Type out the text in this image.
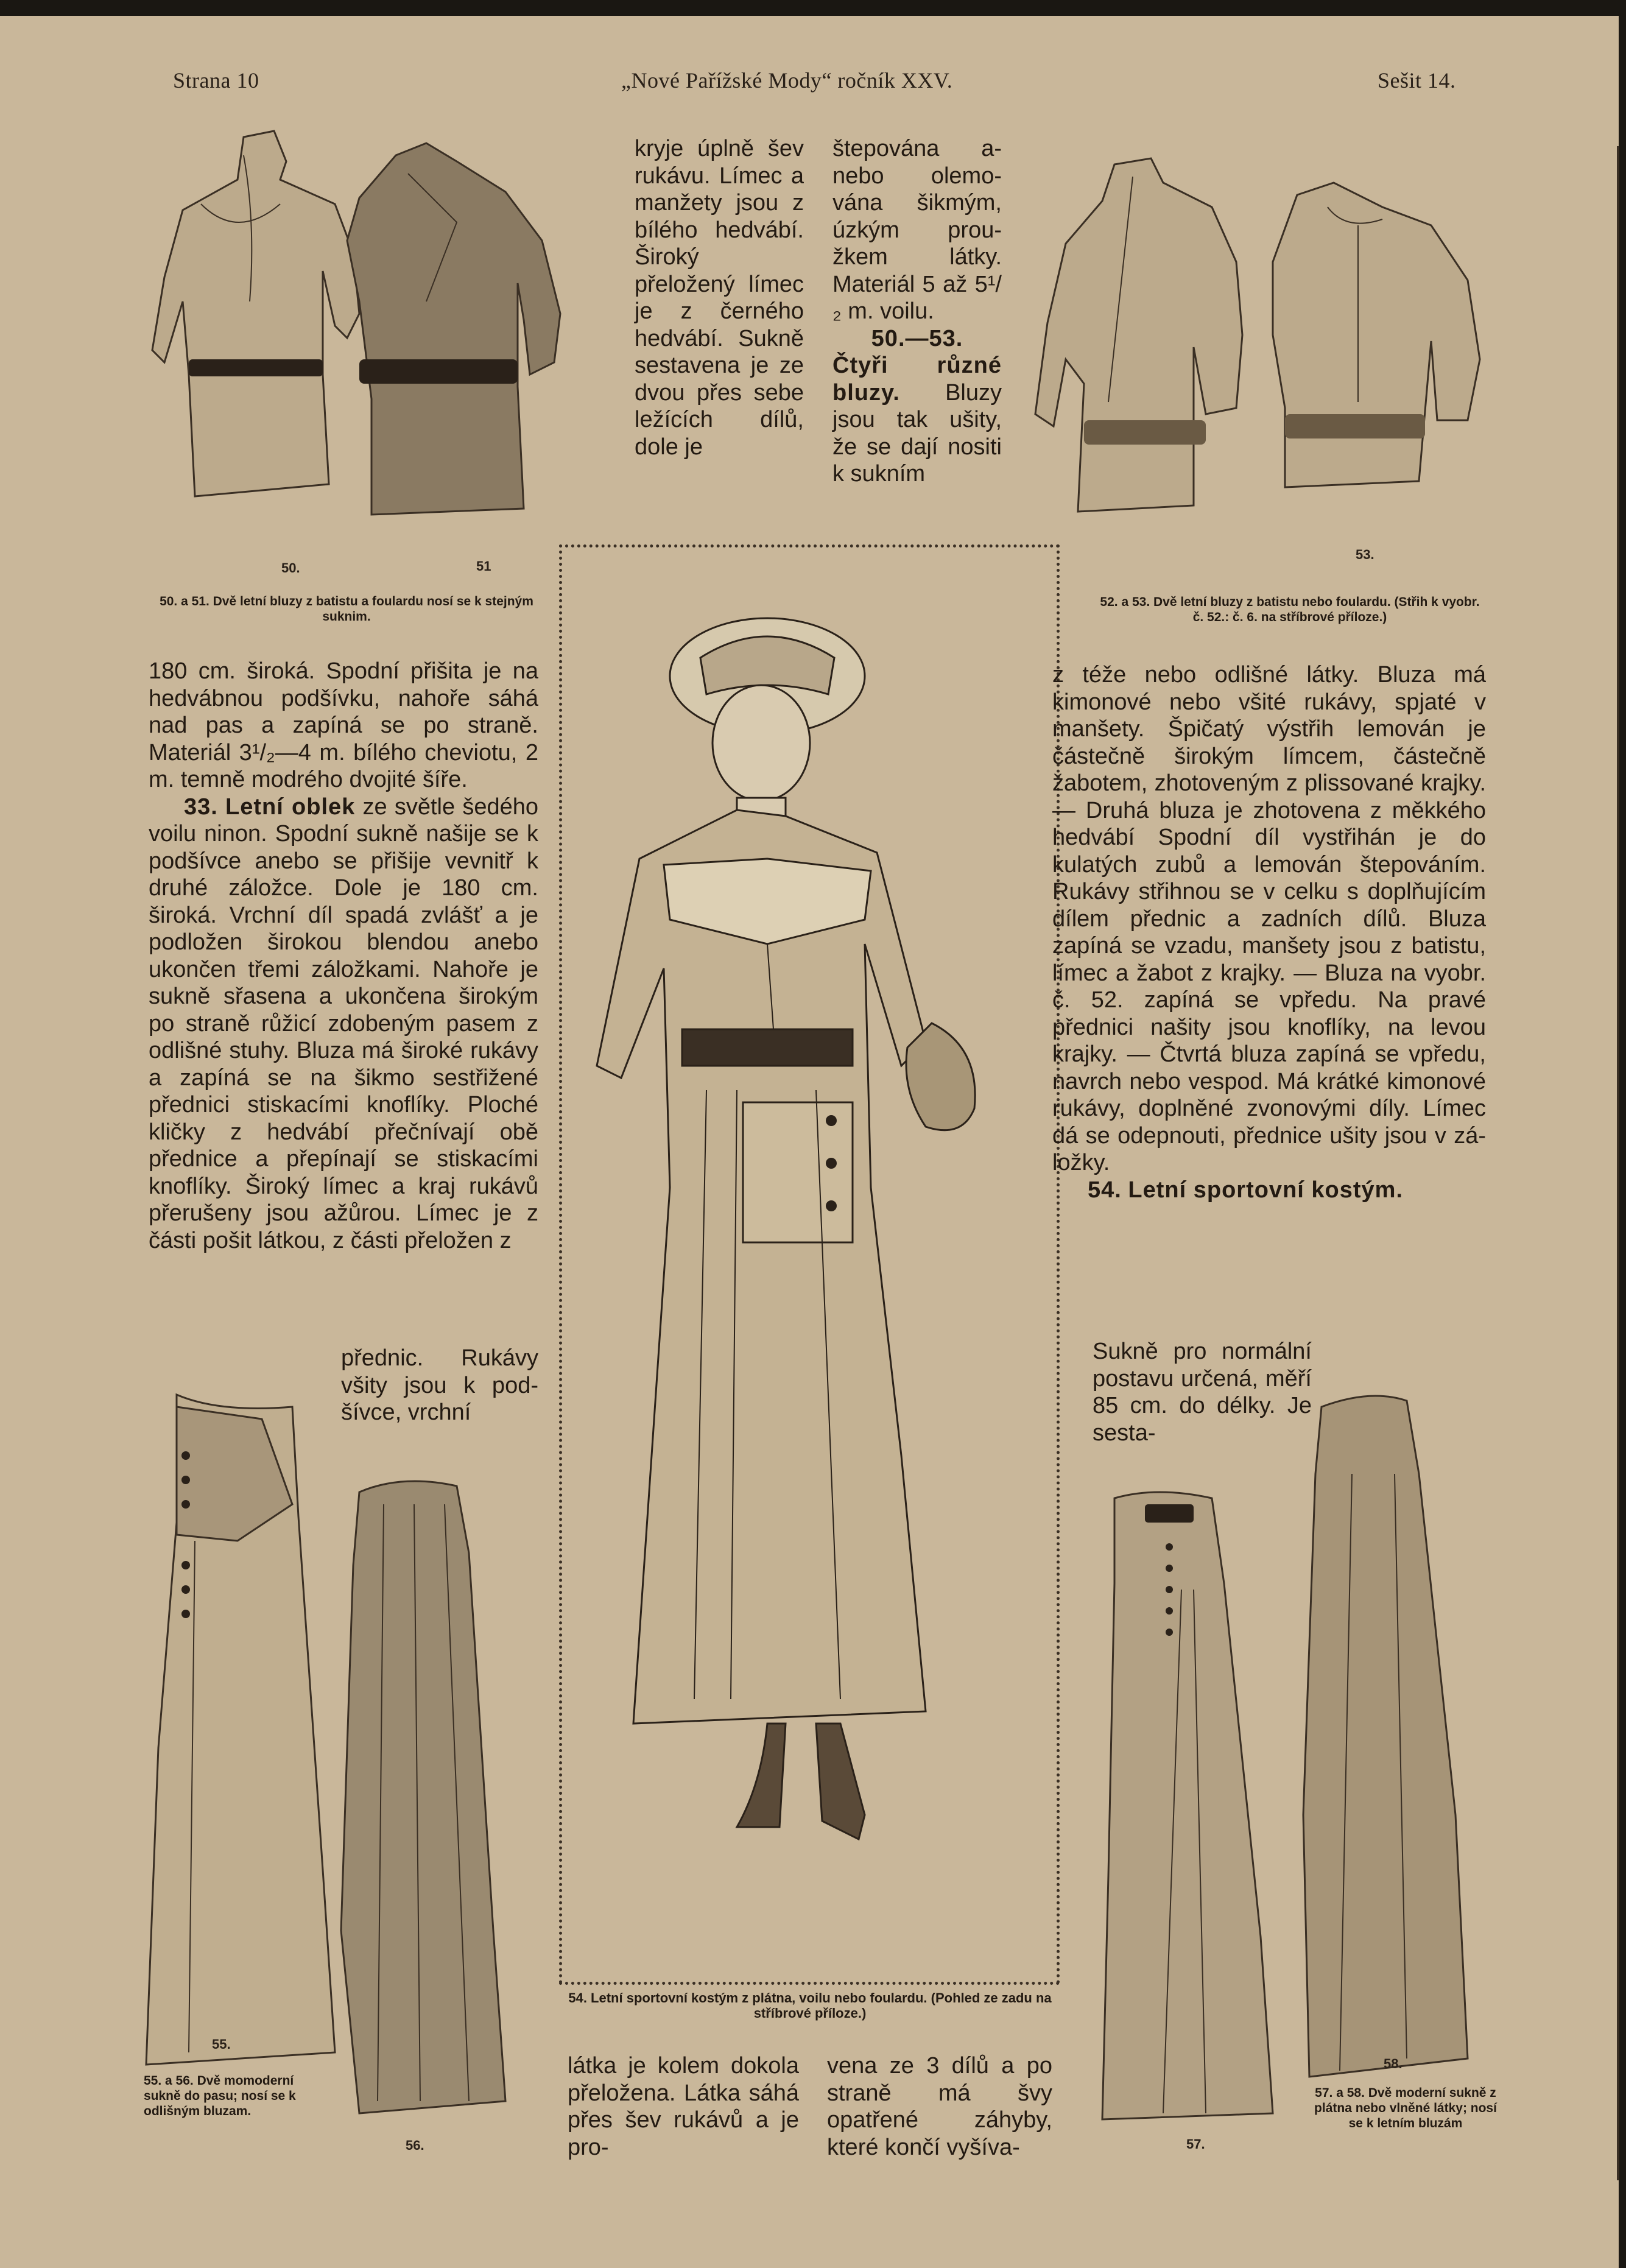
Strana 10	„Nové Pařížské Mody“ ročník XXV.	Sešit 14.
50.	51
50. a 51. Dvě letní bluzy z batistu a foulardu nosí se k stejným suknim.
kryje úplně šev rukávu. Límec a manžety jsou z bílého hedvábí. Široký přeložený límec je z černého hedvábí. Sukně sestavena je ze dvou přes sebe ležících dílů, dole je

štepována anebo olemována šikmým, úzkým proužkem látky. Materiál 5 až 5¹/₂ m. voilu.

50.—53.

Čtyři různé bluzy. Bluzy jsou tak ušity, že se dají nositi k sukním

53.
52. a 53. Dvě letní bluzy z batistu nebo foulardu. (Střih k vyobr. č. 52.: č. 6. na stříbrové příloze.)
54. Letní sportovní kostým z plátna, voilu nebo foulardu. (Pohled ze zadu na stříbrové příloze.)

180 cm. široká. Spodní přišita je na hedvábnou podšívku, nahoře sáhá nad pas a zapíná se po straně. Materiál 3¹/₂—4 m. bílého cheviotu, 2 m. temně modrého dvojité šíře.

33. Letní oblek ze světle šedého voilu ninon. Spodní sukně našije se k podšívce anebo se přišije vevnitř k druhé záložce. Dole je 180 cm. široká. Vrchní díl spadá zvlášť a je podložen širokou blendou anebo ukončen třemi záložkami. Nahoře je sukně sřasena a ukončena širokým po straně růžicí zdobeným pasem z odlišné stuhy. Bluza má široké rukávy a zapíná se na šikmo sestřižené přednici stiskacími knoflíky. Ploché kličky z hedvábí přečnívají obě přednice a přepínají se stiskacími knoflíky. Široký límec a kraj rukávů přerušeny jsou ažůrou. Límec je z části pošit látkou, z části přeložen z

přednic. Rukávy všity jsou k podšívce, vrchní

z téže nebo odlišné látky. Bluza má kimonové nebo všité rukávy, spjaté v manšety. Špičatý výstřih lemován je částečně širokým límcem, částečně žabotem, zhotoveným z plissované krajky. — Druhá bluza je zhotovena z měkkého hedvábí Spodní díl vystřihán je do kulatých zubů a lemován štepováním. Rukávy střihnou se v celku s doplňujícím dílem přednic a zadních dílů. Bluza zapíná se vzadu, manšety jsou z batistu, límec a žabot z krajky. — Bluza na vyobr. č. 52. zapíná se vpředu. Na pravé přednici našity jsou knoflíky, na levou krajky. — Čtvrtá bluza zapíná se vpředu, navrch nebo vespod. Má krátké kimonové rukávy, doplněné zvonovými díly. Límec dá se odepnouti, přednice ušity jsou v záložky.

54. Letní sportovní kostým.

Sukně pro normální postavu určená, měří 85 cm. do délky. Je sesta-
55.
55. a 56. Dvě momoderní sukně do pasu; nosí se k odlišným bluzam.
56.
látka je kolem dokola přeložena. Látka sáhá přes šev rukávů a je pro-
vena ze 3 dílů a po straně má švy opatřené záhyby, které končí vyšíva-
58.
57. a 58. Dvě moderní sukně z plátna nebo vlněné látky; nosí se k letním bluzám
57.
